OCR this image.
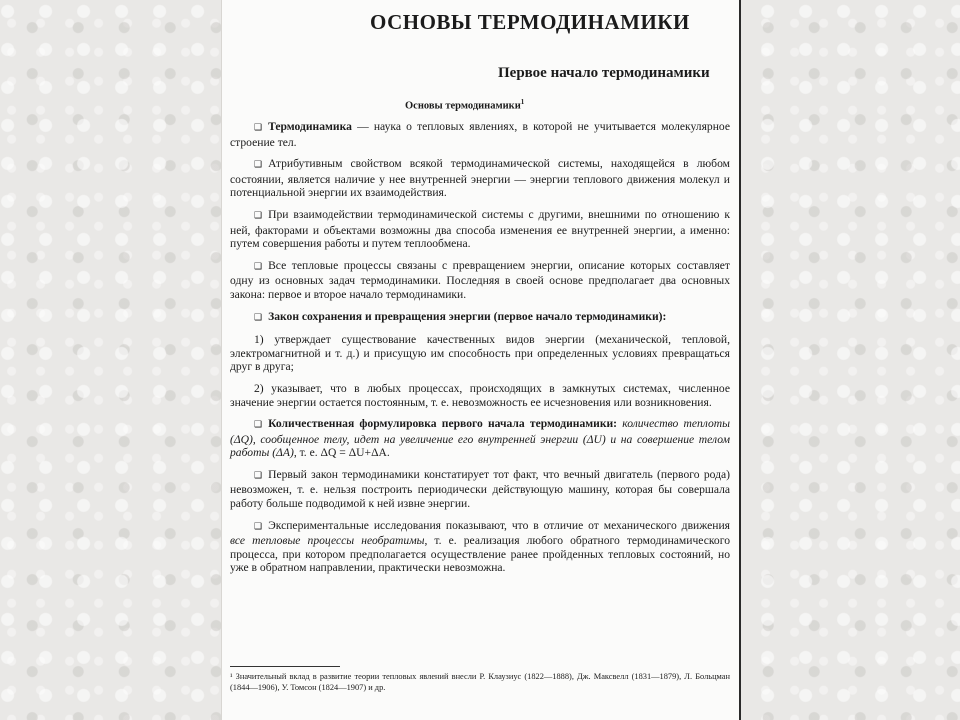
ОСНОВЫ ТЕРМОДИНАМИКИ
Первое начало термодинамики
Основы термодинамики$^1$

❑ Термодинамика — наука о тепловых явлениях, в которой не учитывается молекулярное строение тел.

❑ Атрибутивным свойством всякой термодинамической системы, находящейся в любом состоянии, является наличие у нее внутренней энергии — энергии теплового движения молекул и потенциальной энергии их взаимодействия.

❑ При взаимодействии термодинамической системы с другими, внешними по отношению к ней, факторами и объектами возможны два способа изменения ее внутренней энергии, а именно: путем совершения работы и путем теплообмена.

❑ Все тепловые процессы связаны с превращением энергии, описание которых составляет одну из основных задач термодинамики. Последняя в своей основе предполагает два основных закона: первое и второе начало термодинамики.

❑ Закон сохранения и превращения энергии (первое начало термодинамики):

1) утверждает существование качественных видов энергии (механической, тепловой, электромагнитной и т. д.) и присущую им способность при определенных условиях превращаться друг в друга;

2) указывает, что в любых процессах, происходящих в замкнутых системах, численное значение энергии остается постоянным, т. е. невозможность ее исчезновения или возникновения.

❑ Количественная формулировка первого начала термодинамики: количество теплоты (ΔQ), сообщенное телу, идет на увеличение его внутренней энергии (ΔU) и на совершение телом работы (ΔA), т. е. ΔQ = ΔU+ΔA.

❑ Первый закон термодинамики констатирует тот факт, что вечный двигатель (первого рода) невозможен, т. е. нельзя построить периодически действующую машину, которая бы совершала работу больше подводимой к ней извне энергии.

❑ Экспериментальные исследования показывают, что в отличие от механического движения все тепловые процессы необратимы, т. е. реализация любого обратного термодинамического процесса, при котором предполагается осуществление ранее пройденных тепловых состояний, но уже в обратном направлении, практически невозможна.

¹ Значительный вклад в развитие теории тепловых явлений внесли Р. Клаузиус (1822—1888), Дж. Максвелл (1831—1879), Л. Больцман (1844—1906), У. Томсон (1824—1907) и др.
